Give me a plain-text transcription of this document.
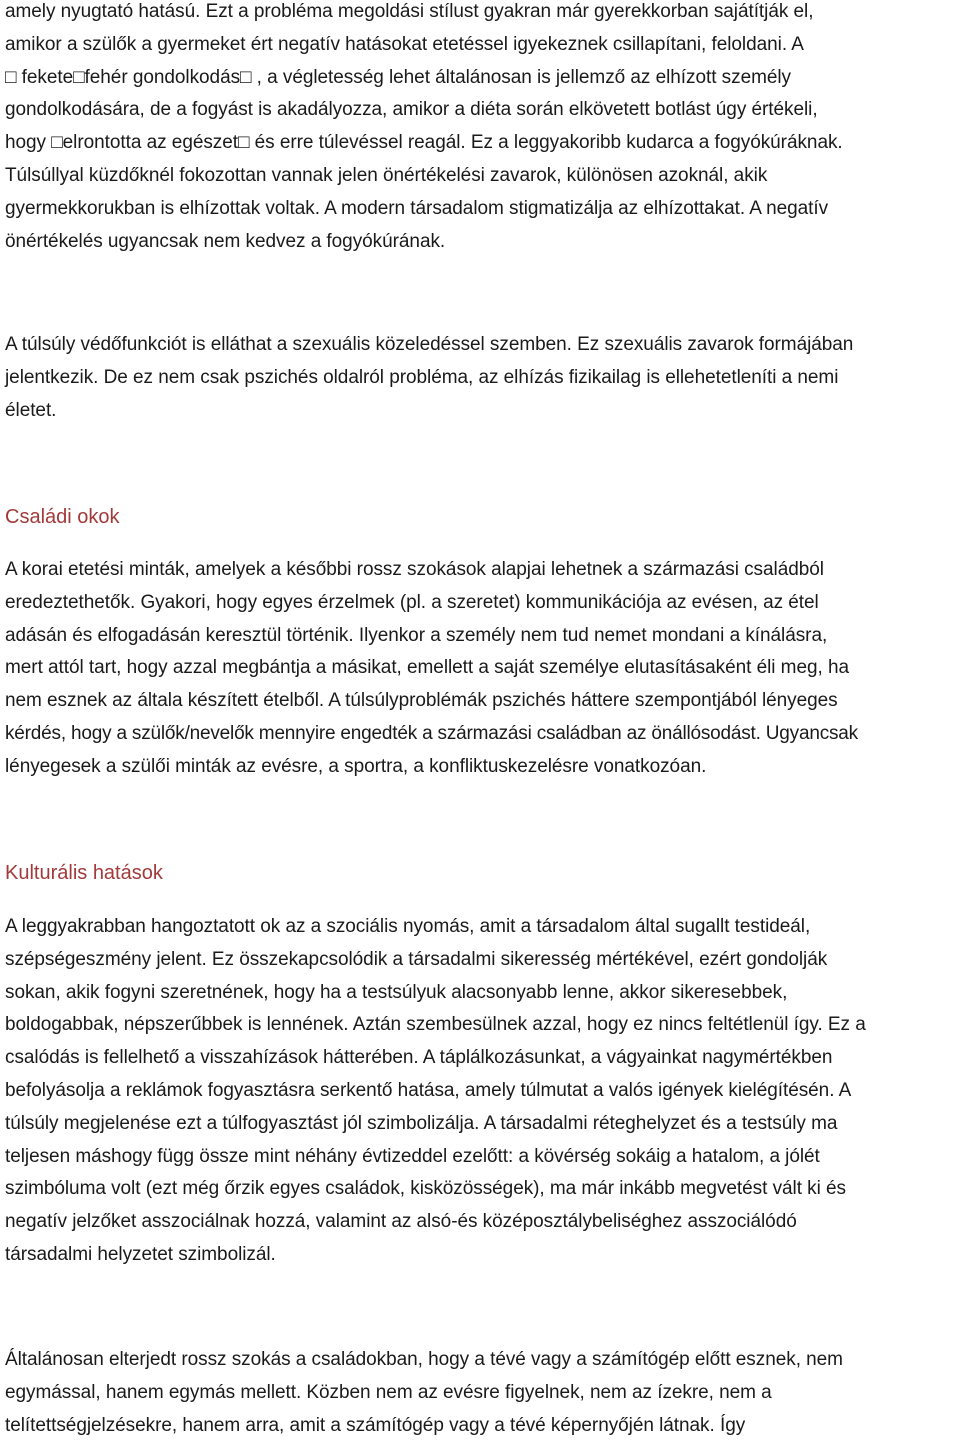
amely nyugtató hatású. Ezt a probléma megoldási stílust gyakran már gyerekkorban sajátítják el,
amikor a szülők a gyermeket ért negatív hatásokat etetéssel igyekeznek csillapítani, feloldani. A
□ fekete□fehér gondolkodás□ , a végletesség lehet általánosan is jellemző az elhízott személy
gondolkodására, de a fogyást is akadályozza, amikor a diéta során elkövetett botlást úgy értékeli,
hogy □elrontotta az egészet□ és erre túlevéssel reagál. Ez a leggyakoribb kudarca a fogyókúráknak.
Túlsúllyal küzdőknél fokozottan vannak jelen önértékelési zavarok, különösen azoknál, akik
gyermekkorukban is elhízottak voltak. A modern társadalom stigmatizálja az elhízottakat. A negatív
önértékelés ugyancsak nem kedvez a fogyókúrának.
A túlsúly védőfunkciót is elláthat a szexuális közeledéssel szemben. Ez szexuális zavarok formájában
jelentkezik. De ez nem csak pszichés oldalról probléma, az elhízás fizikailag is ellehetetleníti a nemi
életet.
Családi okok
A korai etetési minták, amelyek a későbbi rossz szokások alapjai lehetnek a származási családból
eredeztethetők. Gyakori, hogy egyes érzelmek (pl. a szeretet) kommunikációja az evésen, az étel
adásán és elfogadásán keresztül történik. Ilyenkor a személy nem tud nemet mondani a kínálásra,
mert attól tart, hogy azzal megbántja a másikat, emellett a saját személye elutasításaként éli meg, ha
nem esznek az általa készített ételből. A túlsúlyproblémák pszichés háttere szempontjából lényeges
kérdés, hogy a szülők/nevelők mennyire engedték a származási családban az önállósodást. Ugyancsak
lényegesek a szülői minták az evésre, a sportra, a konfliktuskezelésre vonatkozóan.
Kulturális hatások
A leggyakrabban hangoztatott ok az a szociális nyomás, amit a társadalom által sugallt testideál,
szépségeszmény jelent. Ez összekapcsolódik a társadalmi sikeresség mértékével, ezért gondolják
sokan, akik fogyni szeretnének, hogy ha a testsúlyuk alacsonyabb lenne, akkor sikeresebbek,
boldogabbak, népszerűbbek is lennének. Aztán szembesülnek azzal, hogy ez nincs feltétlenül így. Ez a
csalódás is fellelhető a visszahízások hátterében. A táplálkozásunkat, a vágyainkat nagymértékben
befolyásolja a reklámok fogyasztásra serkentő hatása, amely túlmutat a valós igények kielégítésén. A
túlsúly megjelenése ezt a túlfogyasztást jól szimbolizálja. A társadalmi réteghelyzet és a testsúly ma
teljesen máshogy függ össze mint néhány évtizeddel ezelőtt: a kövérség sokáig a hatalom, a jólét
szimbóluma volt (ezt még őrzik egyes családok, kisközösségek), ma már inkább megvetést vált ki és
negatív jelzőket asszociálnak hozzá, valamint az alsó-és középosztálybeliséghez asszociálódó
társadalmi helyzetet szimbolizál.
Általánosan elterjedt rossz szokás a családokban, hogy a tévé vagy a számítógép előtt esznek, nem
egymással, hanem egymás mellett. Közben nem az evésre figyelnek, nem az ízekre, nem a
telítettségjelzésekre, hanem arra, amit a számítógép vagy a tévé képernyőjén látnak. Így
